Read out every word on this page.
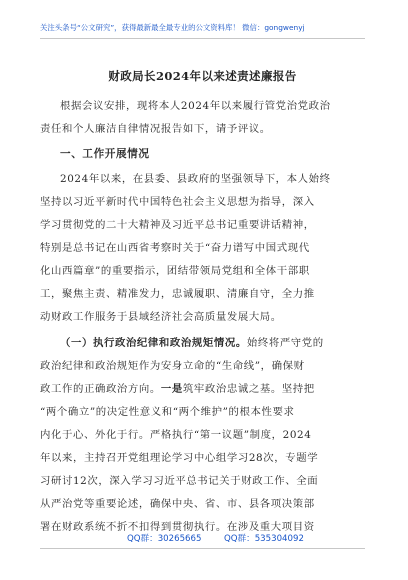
关注头条号“公文研究”，获得最新最全最专业的公文资料库！ 微信：gongwenyj
财政局长2024年以来述责述廉报告
根据会议安排，现将本人2024年以来履行管党治党政治
责任和个人廉洁自律情况报告如下，请予评议。
一、工作开展情况
2024年以来，在县委、县政府的坚强领导下，本人始终
坚持以习近平新时代中国特色社会主义思想为指导，深入
学习贯彻党的二十大精神及习近平总书记重要讲话精神，
特别是总书记在山西省考察时关于“奋力谱写中国式现代
化山西篇章”的重要指示，团结带领局党组和全体干部职
工，聚焦主责、精准发力，忠诚履职、清廉自守，全力推
动财政工作服务于县域经济社会高质量发展大局。
（一）执行政治纪律和政治规矩情况。始终将严守党的
政治纪律和政治规矩作为安身立命的“生命线”，确保财
政工作的正确政治方向。一是筑牢政治忠诚之基。坚持把
“两个确立”的决定性意义和“两个维护”的根本性要求
内化于心、外化于行。严格执行“第一议题”制度，2024
年以来，主持召开党组理论学习中心组学习28次，专题学
习研讨12次，深入学习习近平总书记关于财政工作、全面
从严治党等重要论述，确保中央、省、市、县各项决策部
署在财政系统不折不扣得到贯彻执行。在涉及重大项目资
QQ群：30265665	QQ群：535304092
